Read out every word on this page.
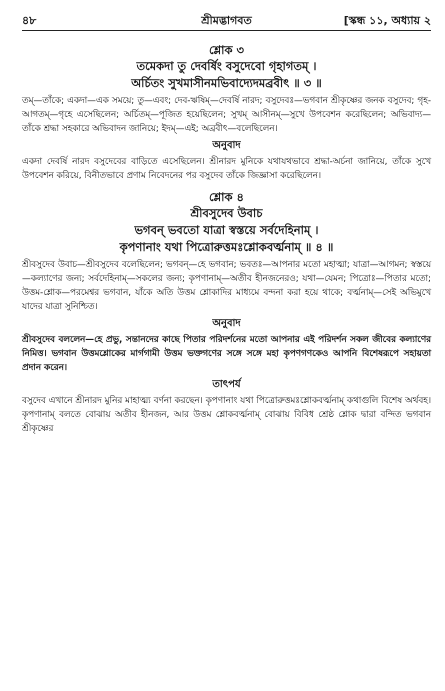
৪৮	শ্রীমদ্ভাগবত	[স্কন্ধ ১১, অধ্যায় ২
শ্লোক ৩
তমেকদা তু দেবর্ষিং বসুদেবো গৃহাগতম্ ।
অর্চিতং সুখমাসীনমভিবাদ্যেদমব্রবীৎ ॥ ৩ ॥

তম্—তাঁকে; একদা—এক সময়ে; তু—এবং; দেব-ঋষিম্—দেবর্ষি নারদ; বসুদেবঃ—ভগবান শ্রীকৃষ্ণের জনক বসুদেব; গৃহ-আগতম্—গৃহে এসেছিলেন; অর্চিতম্—পূজিত হয়েছিলেন; সুখম্ আসীনম্—সুখে উপবেশন করেছিলেন; অভিবাদ্য—তাঁকে শ্রদ্ধা সহকারে অভিবাদন জানিয়ে; ইদম্—এই; অব্রবীৎ—বলেছিলেন।

অনুবাদ

একদা দেবর্ষি নারদ বসুদেবের বাড়িতে এসেছিলেন। শ্রীনারদ মুনিকে যথাযথভাবে শ্রদ্ধা-অর্চনা জানিয়ে, তাঁকে সুখে উপবেশন করিয়ে, বিনীতভাবে প্রণাম নিবেদনের পর বসুদেব তাঁকে জিজ্ঞাসা করেছিলেন।

শ্লোক ৪
শ্রীবসুদেব উবাচ
ভগবন্ ভবতো যাত্রা স্বস্তয়ে সর্বদেহিনাম্ ।
কৃপণানাং যথা পিত্রোরুত্তমঃশ্লোকবর্ত্মনাম্ ॥ ৪ ॥

শ্রীবসুদেব উবাচ—শ্রীবসুদেব বলেছিলেন; ভগবন্—হে ভগবান; ভবতঃ—আপনার মতো মহাত্মা; যাত্রা—আগমন; স্বস্তয়ে—কল্যাণের জন্য; সর্বদেহিনাম্—সকলের জন্য; কৃপণানাম্—অতীব হীনজনেরও; যথা—যেমন; পিত্রোঃ—পিতার মতো; উত্তম-শ্লোক—পরমেশ্বর ভগবান, যাঁকে অতি উত্তম শ্লোকাদির মাধ্যমে বন্দনা করা হয়ে থাকে; বর্ত্মনাম্—সেই অভিমুখে যাদের যাত্রা সুনিশ্চিত।

অনুবাদ

শ্রীবসুদেব বললেন—হে প্রভু, সন্তানদের কাছে পিতার পরিদর্শনের মতো আপনার এই পরিদর্শন সকল জীবের কল্যাণের নিমিত্ত। ভগবান উত্তমশ্লোকের মার্গগামী উত্তম ভক্তগণের সঙ্গে সঙ্গে মহা কৃপণগণকেও আপনি বিশেষরূপে সহায়তা প্রদান করেন।

তাৎপর্য

বসুদেব এখানে শ্রীনারদ মুনির মাহাত্ম্য বর্ণনা করছেন। কৃপণানাং যথা পিত্রোরুত্তমঃশ্লোকবর্ত্মনাম্ কথাগুলি বিশেষ অর্থবহ। কৃপণানাম্ বলতে বোঝায় অতীব হীনজন, আর উত্তম শ্লোকবর্ত্মনাম্ বোঝায় বিবিধ শ্রেষ্ঠ শ্লোক দ্বারা বন্দিত ভগবান শ্রীকৃষ্ণের
